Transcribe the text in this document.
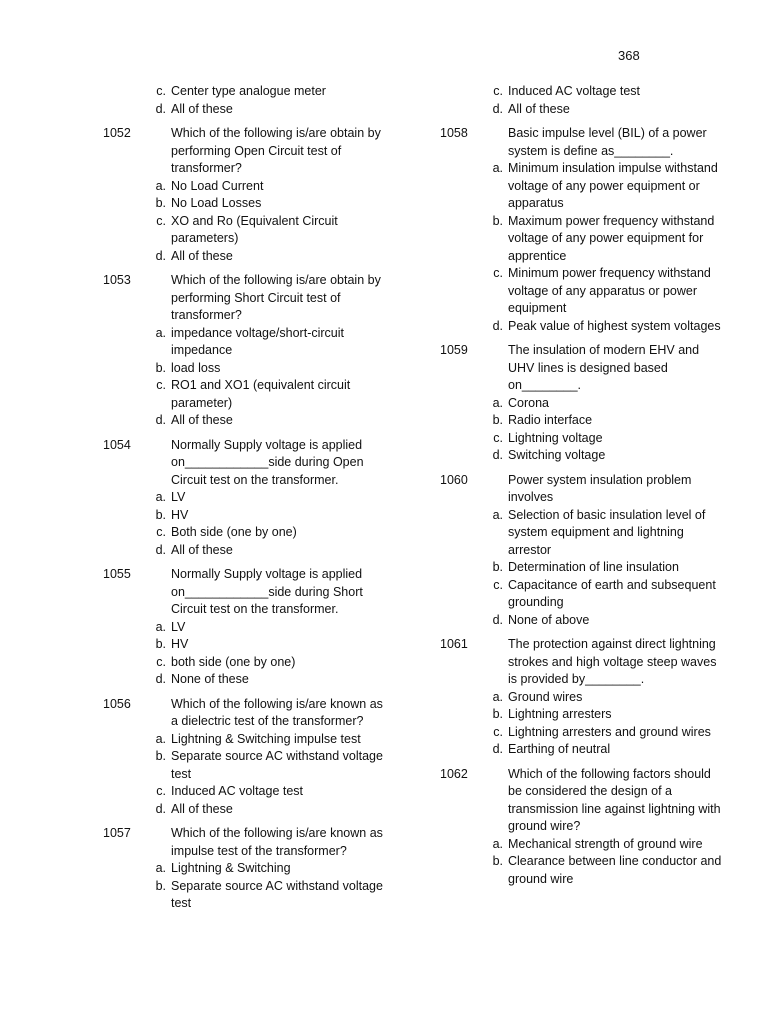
368
c. Center type analogue meter
d. All of these
1052	Which of the following is/are obtain by performing Open Circuit test of transformer?
a. No Load Current
b. No Load Losses
c. XO and Ro (Equivalent Circuit parameters)
d. All of these
1053	Which of the following is/are obtain by performing Short Circuit test of transformer?
a. impedance voltage/short-circuit impedance
b. load loss
c. RO1 and XO1 (equivalent circuit parameter)
d. All of these
1054	Normally Supply voltage is applied on____________side during Open Circuit test on the transformer.
a. LV
b. HV
c. Both side (one by one)
d. All of these
1055	Normally Supply voltage is applied on____________side during Short Circuit test on the transformer.
a. LV
b. HV
c. both side (one by one)
d. None of these
1056	Which of the following is/are known as a dielectric test of the transformer?
a. Lightning & Switching impulse test
b. Separate source AC withstand voltage test
c. Induced AC voltage test
d. All of these
1057	Which of the following is/are known as impulse test of the transformer?
a. Lightning & Switching
b. Separate source AC withstand voltage test
c. Induced AC voltage test
d. All of these
1058	Basic impulse level (BIL) of a power system is define as________.
a. Minimum insulation impulse withstand voltage of any power equipment or apparatus
b. Maximum power frequency withstand voltage of any power equipment for apprentice
c. Minimum power frequency withstand voltage of any apparatus or power equipment
d. Peak value of highest system voltages
1059	The insulation of modern EHV and UHV lines is designed based on________.
a. Corona
b. Radio interface
c. Lightning voltage
d. Switching voltage
1060	Power system insulation problem involves
a. Selection of basic insulation level of system equipment and lightning arrestor
b. Determination of line insulation
c. Capacitance of earth and subsequent grounding
d. None of above
1061	The protection against direct lightning strokes and high voltage steep waves is provided by________.
a. Ground wires
b. Lightning arresters
c. Lightning arresters and ground wires
d. Earthing of neutral
1062	Which of the following factors should be considered the design of a transmission line against lightning with ground wire?
a. Mechanical strength of ground wire
b. Clearance between line conductor and ground wire
